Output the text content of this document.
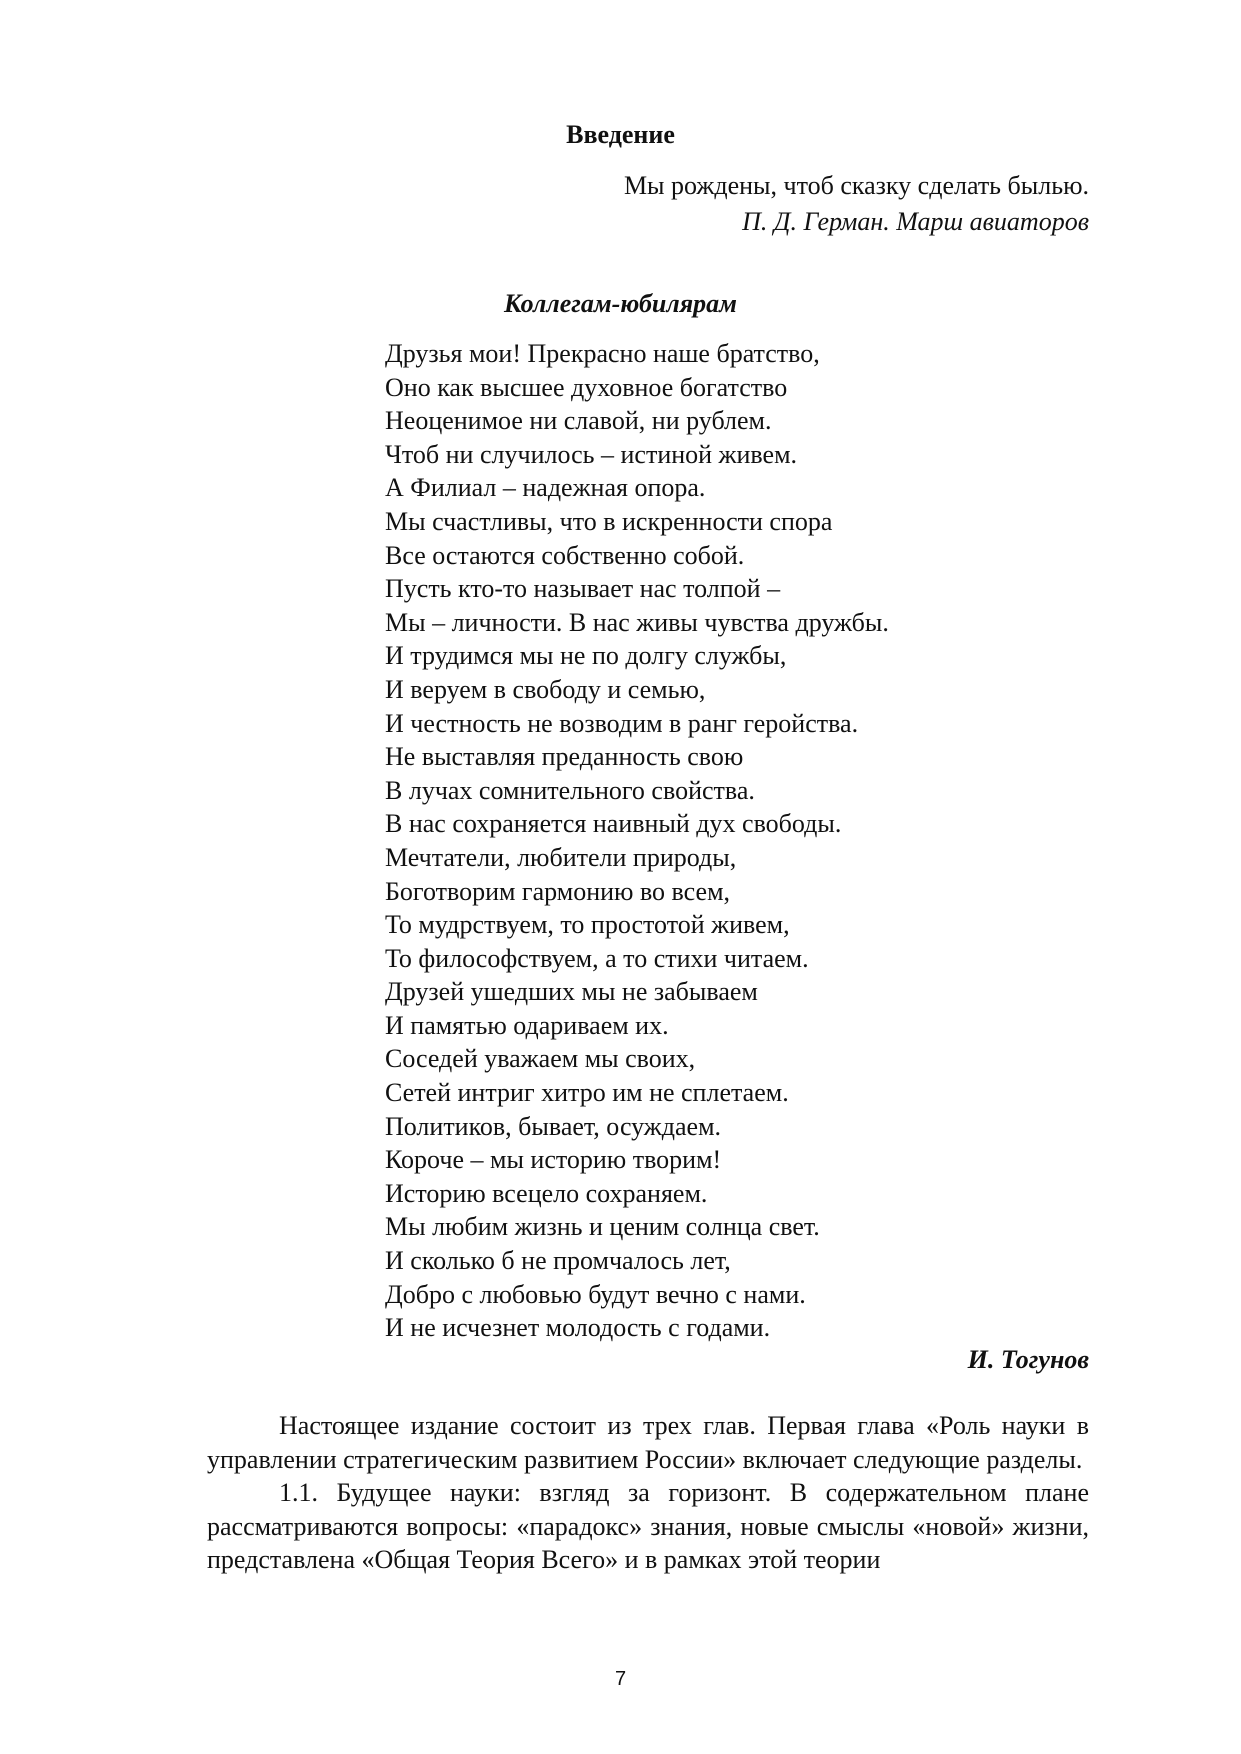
Введение
Мы рождены, чтоб сказку сделать былью.
П. Д. Герман. Марш авиаторов
Коллегам-юбилярам
Друзья мои! Прекрасно наше братство,
Оно как высшее духовное богатство
Неоценимое ни славой, ни рублем.
Чтоб ни случилось – истиной живем.
А Филиал – надежная опора.
Мы счастливы, что в искренности спора
Все остаются собственно собой.
Пусть кто-то называет нас толпой –
Мы – личности. В нас живы чувства дружбы.
И трудимся мы не по долгу службы,
И веруем в свободу и семью,
И честность не возводим в ранг геройства.
Не выставляя преданность свою
В лучах сомнительного свойства.
В нас сохраняется наивный дух свободы.
Мечтатели, любители природы,
Боготворим гармонию во всем,
То мудрствуем, то простотой живем,
То философствуем, а то стихи читаем.
Друзей ушедших мы не забываем
И памятью одариваем их.
Соседей уважаем мы своих,
Сетей интриг хитро им не сплетаем.
Политиков, бывает, осуждаем.
Короче – мы историю творим!
Историю всецело сохраняем.
Мы любим жизнь и ценим солнца свет.
И сколько б не промчалось лет,
Добро с любовью будут вечно с нами.
И не исчезнет молодость с годами.
И. Тогунов

Настоящее издание состоит из трех глав. Первая глава «Роль науки в управлении стратегическим развитием России» включает следующие разделы.

1.1. Будущее науки: взгляд за горизонт. В содержательном плане рассматриваются вопросы: «парадокс» знания, новые смыслы «новой» жизни, представлена «Общая Теория Всего» и в рамках этой теории

7
